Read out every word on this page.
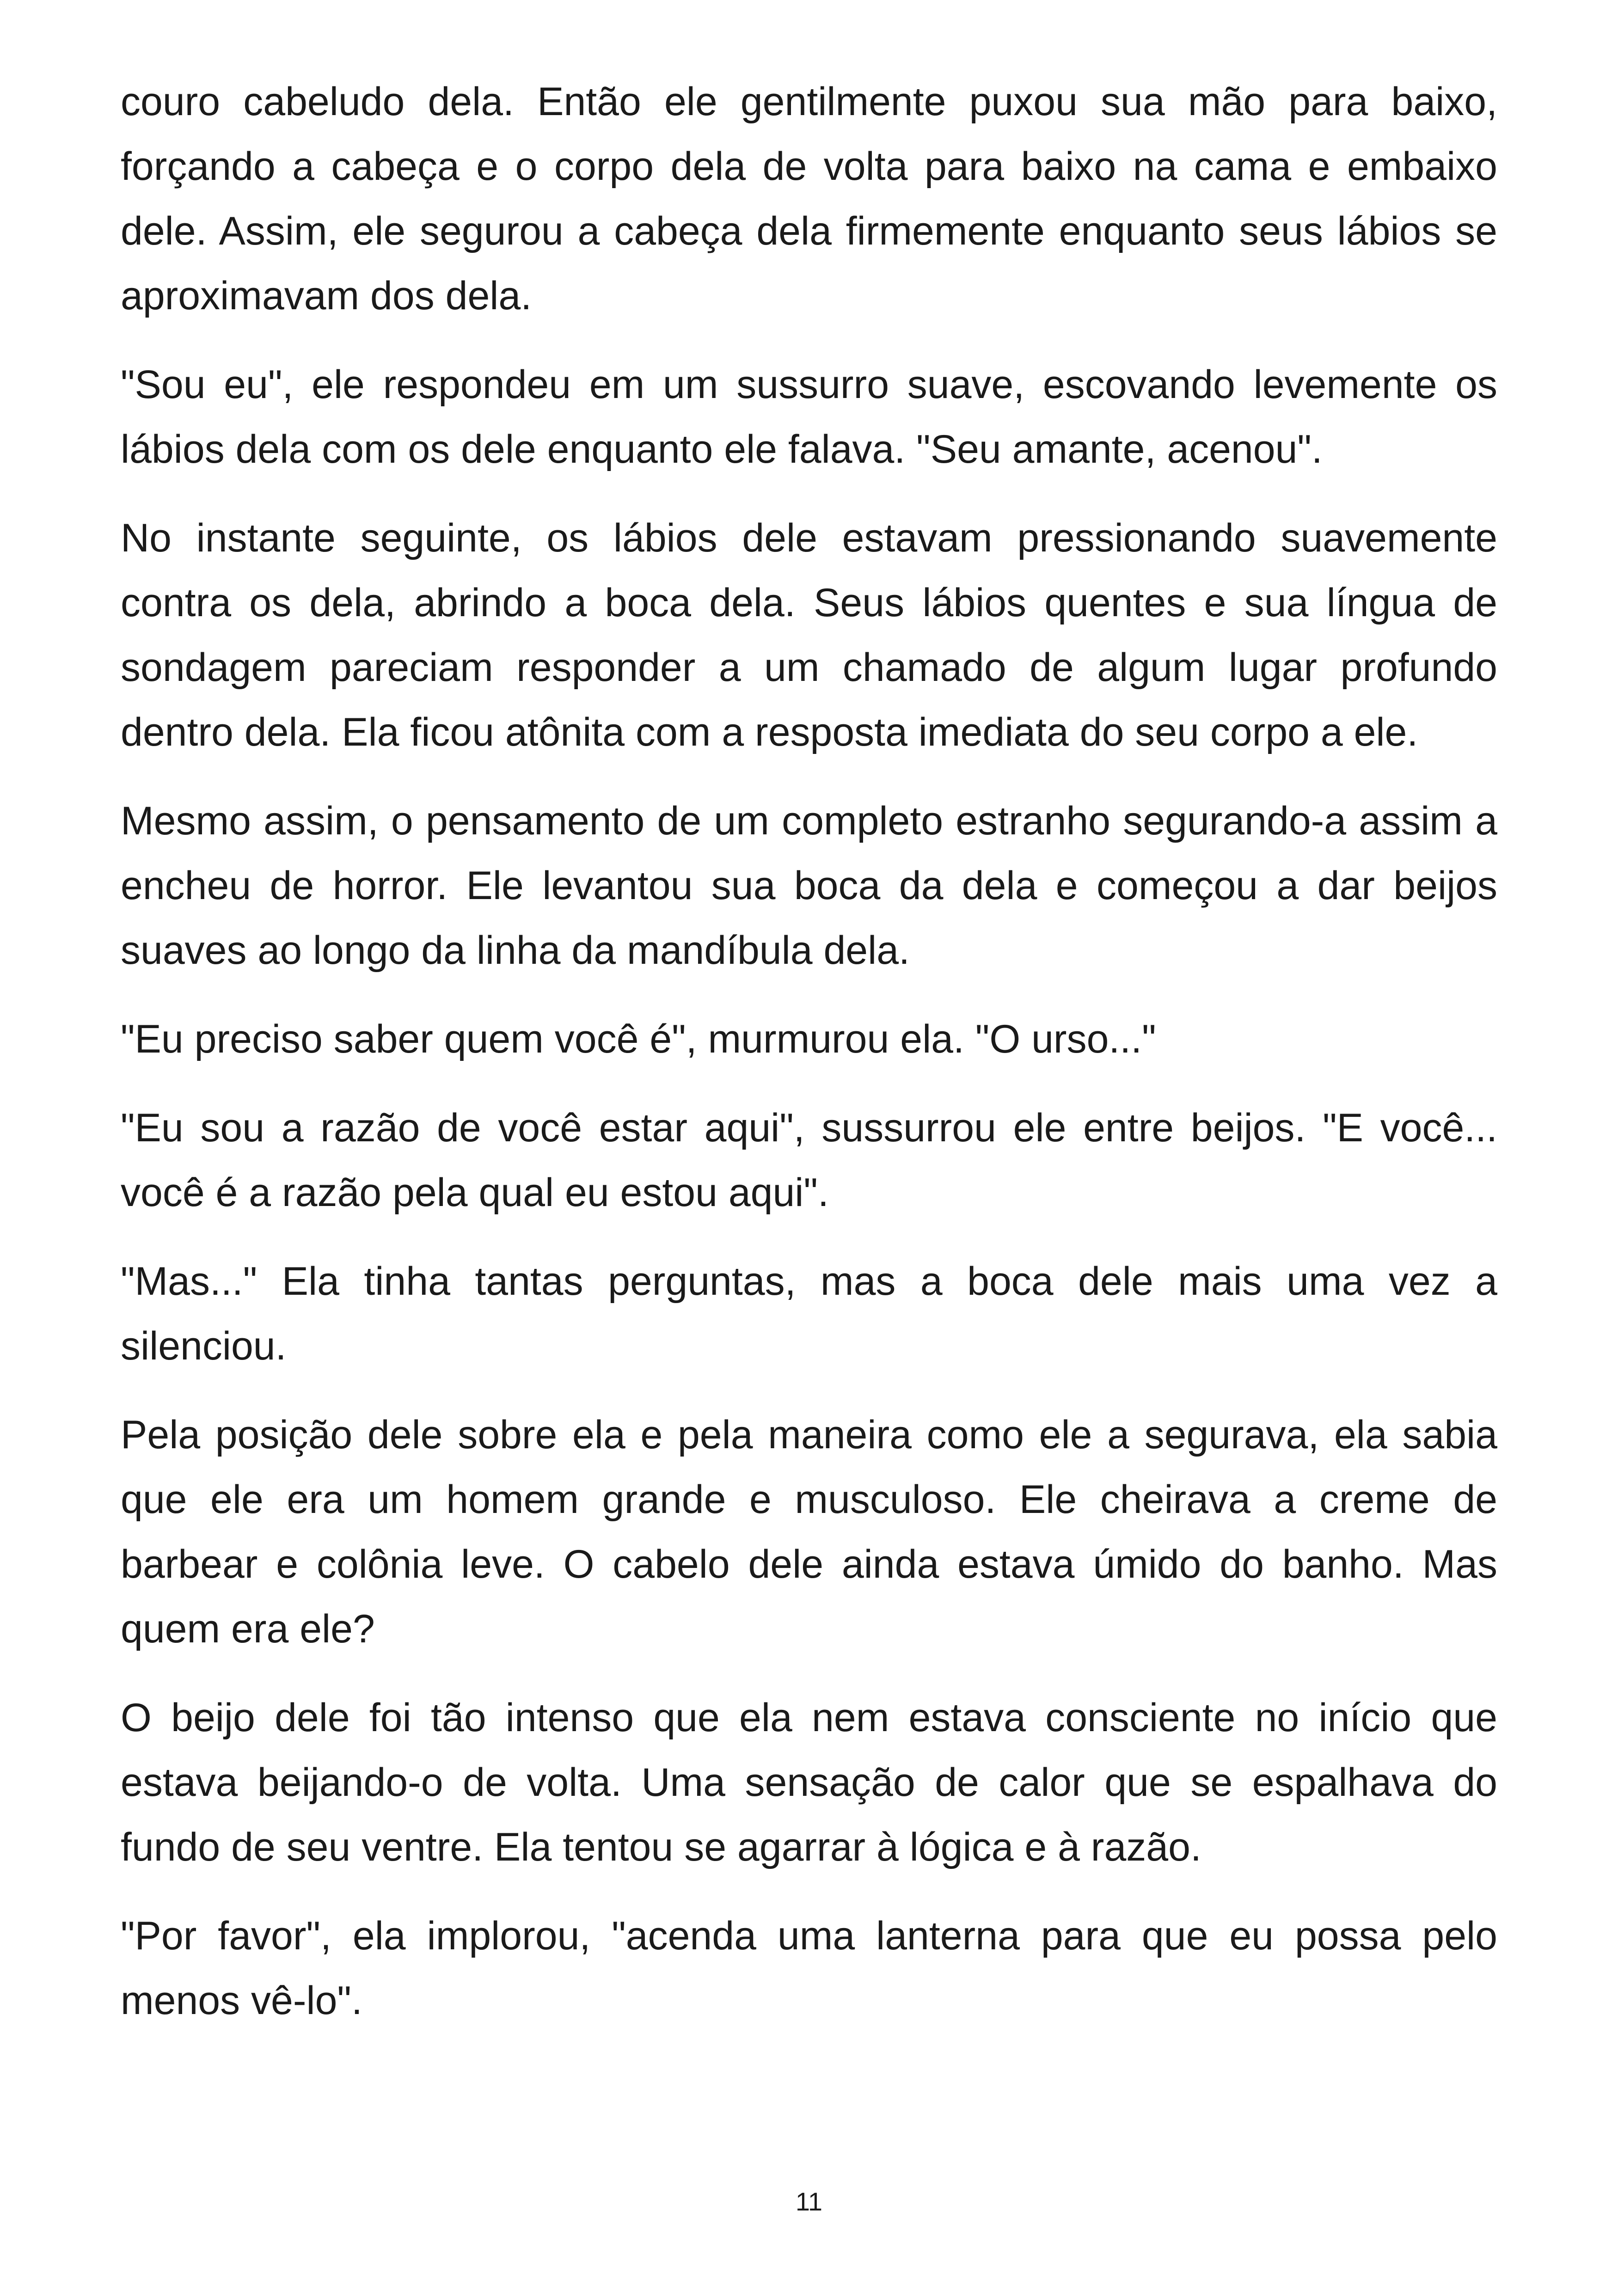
couro cabeludo dela. Então ele gentilmente puxou sua mão para baixo, forçando a cabeça e o corpo dela de volta para baixo na cama e embaixo dele. Assim, ele segurou a cabeça dela firmemente enquanto seus lábios se aproximavam dos dela.

"Sou eu", ele respondeu em um sussurro suave, escovando levemente os lábios dela com os dele enquanto ele falava. "Seu amante, acenou".

No instante seguinte, os lábios dele estavam pressionando suavemente contra os dela, abrindo a boca dela. Seus lábios quentes e sua língua de sondagem pareciam responder a um chamado de algum lugar profundo dentro dela. Ela ficou atônita com a resposta imediata do seu corpo a ele.

Mesmo assim, o pensamento de um completo estranho segurando-a assim a encheu de horror. Ele levantou sua boca da dela e começou a dar beijos suaves ao longo da linha da mandíbula dela.

"Eu preciso saber quem você é", murmurou ela. "O urso..."

"Eu sou a razão de você estar aqui", sussurrou ele entre beijos. "E você... você é a razão pela qual eu estou aqui".

"Mas..." Ela tinha tantas perguntas, mas a boca dele mais uma vez a silenciou.

Pela posição dele sobre ela e pela maneira como ele a segurava, ela sabia que ele era um homem grande e musculoso. Ele cheirava a creme de barbear e colônia leve. O cabelo dele ainda estava úmido do banho. Mas quem era ele?

O beijo dele foi tão intenso que ela nem estava consciente no início que estava beijando-o de volta. Uma sensação de calor que se espalhava do fundo de seu ventre. Ela tentou se agarrar à lógica e à razão.

"Por favor", ela implorou, "acenda uma lanterna para que eu possa pelo menos vê-lo".

11
